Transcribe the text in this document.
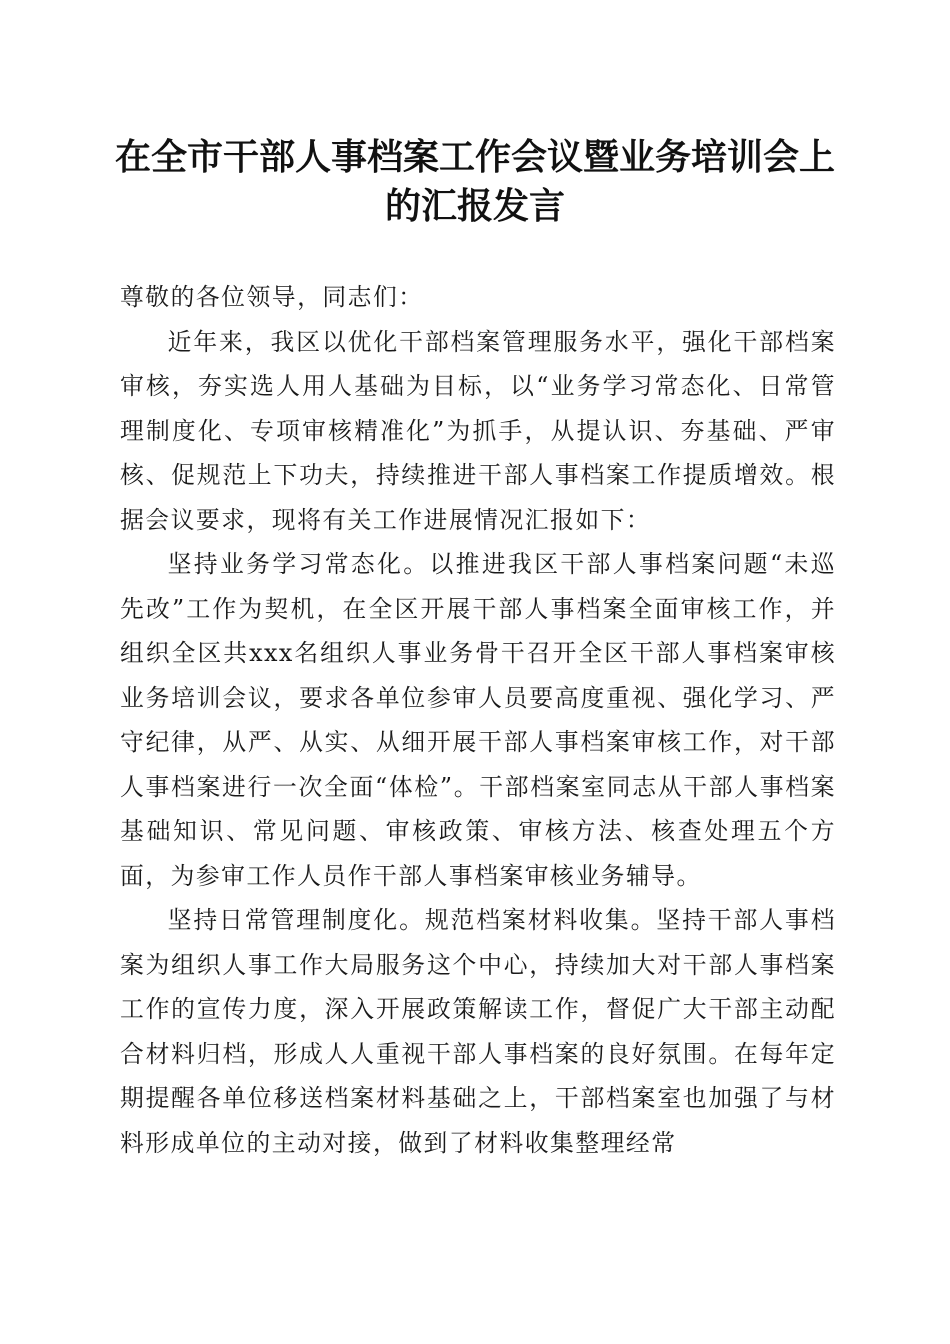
在全市干部人事档案工作会议暨业务培训会上
的汇报发言

尊敬的各位领导，同志们：

近年来，我区以优化干部档案管理服务水平，强化干部档案审核，夯实选人用人基础为目标，以“业务学习常态化、日常管理制度化、专项审核精准化”为抓手，从提认识、夯基础、严审核、促规范上下功夫，持续推进干部人事档案工作提质增效。根据会议要求，现将有关工作进展情况汇报如下：

坚持业务学习常态化。以推进我区干部人事档案问题“未巡先改”工作为契机，在全区开展干部人事档案全面审核工作，并组织全区共xxx名组织人事业务骨干召开全区干部人事档案审核业务培训会议，要求各单位参审人员要高度重视、强化学习、严守纪律，从严、从实、从细开展干部人事档案审核工作，对干部人事档案进行一次全面“体检”。干部档案室同志从干部人事档案基础知识、常见问题、审核政策、审核方法、核查处理五个方面，为参审工作人员作干部人事档案审核业务辅导。

坚持日常管理制度化。规范档案材料收集。坚持干部人事档案为组织人事工作大局服务这个中心，持续加大对干部人事档案工作的宣传力度，深入开展政策解读工作，督促广大干部主动配合材料归档，形成人人重视干部人事档案的良好氛围。在每年定期提醒各单位移送档案材料基础之上，干部档案室也加强了与材料形成单位的主动对接，做到了材料收集整理经常
